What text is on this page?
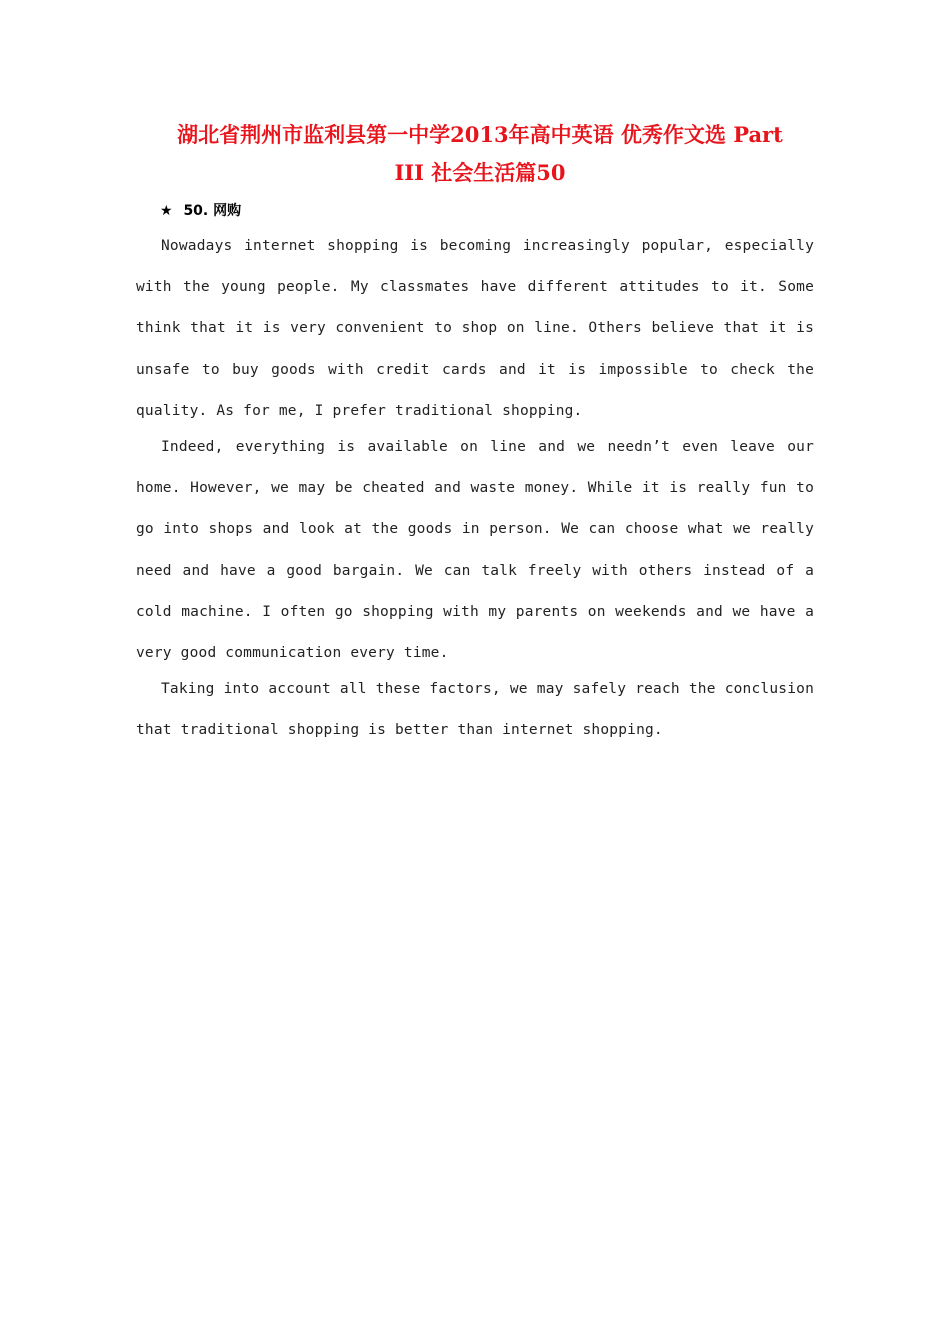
湖北省荆州市监利县第一中学2013年高中英语 优秀作文选 Part
III 社会生活篇50
★ 50. 网购

Nowadays internet shopping is becoming increasingly popular, especially with the young people. My classmates have different attitudes to it. Some think that it is very convenient to shop on line. Others believe that it is unsafe to buy goods with credit cards and it is impossible to check the quality. As for me, I prefer traditional shopping.

Indeed, everything is available on line and we needn’t even leave our home. However, we may be cheated and waste money. While it is really fun to go into shops and look at the goods in person. We can choose what we really need and have a good bargain. We can talk freely with others instead of a cold machine. I often go shopping with my parents on weekends and we have a very good communication every time.

Taking into account all these factors, we may safely reach the conclusion that traditional shopping is better than internet shopping.
